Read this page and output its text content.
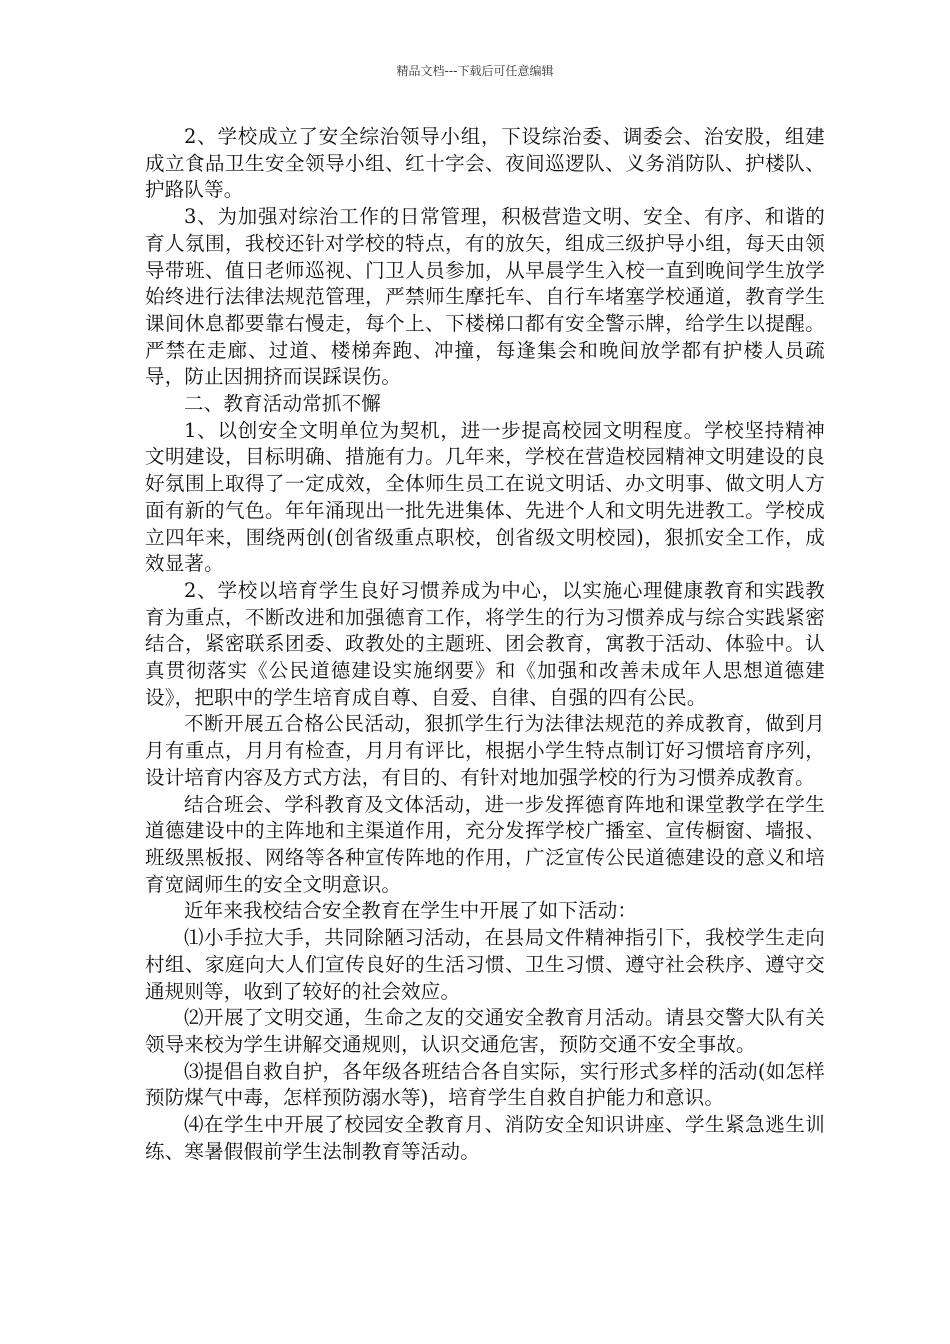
精品文档---下载后可任意编辑

2、学校成立了安全综治领导小组，下设综治委、调委会、治安股，组建成立食品卫生安全领导小组、红十字会、夜间巡逻队、义务消防队、护楼队、护路队等。

3、为加强对综治工作的日常管理，积极营造文明、安全、有序、和谐的育人氛围，我校还针对学校的特点，有的放矢，组成三级护导小组，每天由领导带班、值日老师巡视、门卫人员参加，从早晨学生入校一直到晚间学生放学始终进行法律法规范管理，严禁师生摩托车、自行车堵塞学校通道，教育学生课间休息都要靠右慢走，每个上、下楼梯口都有安全警示牌，给学生以提醒。严禁在走廊、过道、楼梯奔跑、冲撞，每逢集会和晚间放学都有护楼人员疏导，防止因拥挤而误踩误伤。

二、教育活动常抓不懈

1、以创安全文明单位为契机，进一步提高校园文明程度。学校坚持精神文明建设，目标明确、措施有力。几年来，学校在营造校园精神文明建设的良好氛围上取得了一定成效，全体师生员工在说文明话、办文明事、做文明人方面有新的气色。年年涌现出一批先进集体、先进个人和文明先进教工。学校成立四年来，围绕两创(创省级重点职校，创省级文明校园)，狠抓安全工作，成效显著。

2、学校以培育学生良好习惯养成为中心，以实施心理健康教育和实践教育为重点，不断改进和加强德育工作，将学生的行为习惯养成与综合实践紧密结合，紧密联系团委、政教处的主题班、团会教育，寓教于活动、体验中。认真贯彻落实《公民道德建设实施纲要》和《加强和改善未成年人思想道德建设》，把职中的学生培育成自尊、自爱、自律、自强的四有公民。

不断开展五合格公民活动，狠抓学生行为法律法规范的养成教育，做到月月有重点，月月有检查，月月有评比，根据小学生特点制订好习惯培育序列，设计培育内容及方式方法，有目的、有针对地加强学校的行为习惯养成教育。

结合班会、学科教育及文体活动，进一步发挥德育阵地和课堂教学在学生道德建设中的主阵地和主渠道作用，充分发挥学校广播室、宣传橱窗、墙报、班级黑板报、网络等各种宣传阵地的作用，广泛宣传公民道德建设的意义和培育宽阔师生的安全文明意识。

近年来我校结合安全教育在学生中开展了如下活动：

⑴小手拉大手，共同除陋习活动，在县局文件精神指引下，我校学生走向村组、家庭向大人们宣传良好的生活习惯、卫生习惯、遵守社会秩序、遵守交通规则等，收到了较好的社会效应。

⑵开展了文明交通，生命之友的交通安全教育月活动。请县交警大队有关领导来校为学生讲解交通规则，认识交通危害，预防交通不安全事故。

⑶提倡自救自护，各年级各班结合各自实际，实行形式多样的活动(如怎样预防煤气中毒，怎样预防溺水等)，培育学生自救自护能力和意识。

⑷在学生中开展了校园安全教育月、消防安全知识讲座、学生紧急逃生训练、寒暑假假前学生法制教育等活动。
